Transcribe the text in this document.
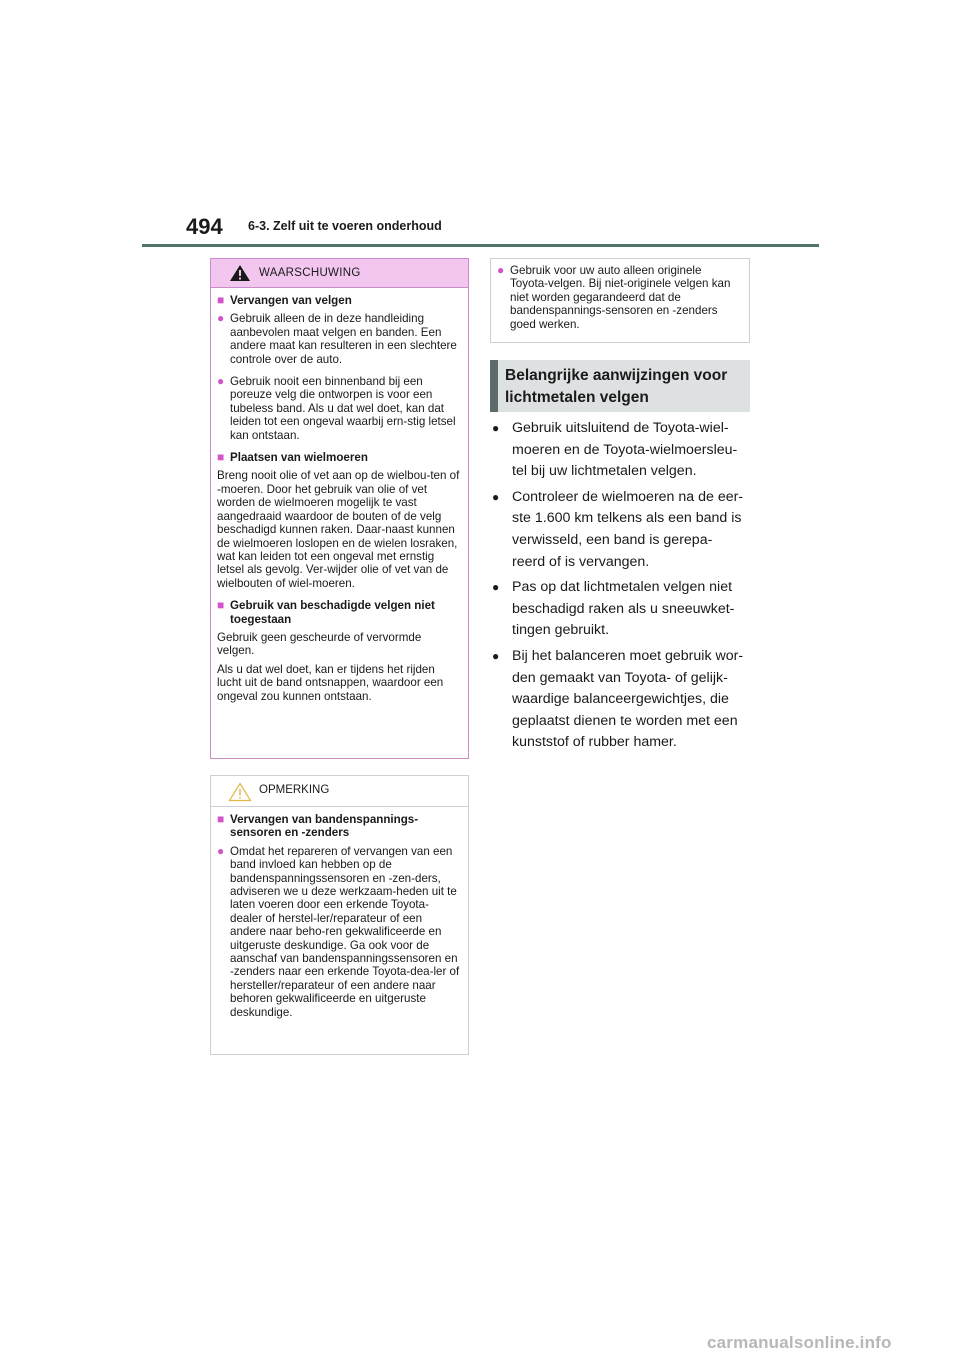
494 6-3. Zelf uit te voeren onderhoud
WAARSCHUWING
■ Vervangen van velgen
● Gebruik alleen de in deze handleiding aanbevolen maat velgen en banden. Een andere maat kan resulteren in een slechtere controle over de auto.
● Gebruik nooit een binnenband bij een poreuze velg die ontworpen is voor een tubeless band. Als u dat wel doet, kan dat leiden tot een ongeval waarbij ern-stig letsel kan ontstaan.
■ Plaatsen van wielmoeren
Breng nooit olie of vet aan op de wielbou-ten of -moeren. Door het gebruik van olie of vet worden de wielmoeren mogelijk te vast aangedraaid waardoor de bouten of de velg beschadigd kunnen raken. Daar-naast kunnen de wielmoeren loslopen en de wielen losraken, wat kan leiden tot een ongeval met ernstig letsel als gevolg. Ver-wijder olie of vet van de wielbouten of wiel-moeren.
■ Gebruik van beschadigde velgen niet toegestaan
Gebruik geen gescheurde of vervormde velgen.
Als u dat wel doet, kan er tijdens het rijden lucht uit de band ontsnappen, waardoor een ongeval zou kunnen ontstaan.
OPMERKING
■ Vervangen van bandenspannings-sensoren en -zenders
● Omdat het repareren of vervangen van een band invloed kan hebben op de bandenspanningssensoren en -zen-ders, adviseren we u deze werkzaam-heden uit te laten voeren door een erkende Toyota-dealer of herstel-ler/reparateur of een andere naar beho-ren gekwalificeerde en uitgeruste deskundige. Ga ook voor de aanschaf van bandenspanningssensoren en -zenders naar een erkende Toyota-dea-ler of hersteller/reparateur of een andere naar behoren gekwalificeerde en uitgeruste deskundige.
● Gebruik voor uw auto alleen originele Toyota-velgen. Bij niet-originele velgen kan niet worden gegarandeerd dat de bandenspannings-sensoren en -zenders goed werken.
Belangrijke aanwijzingen voor
lichtmetalen velgen
● Gebruik uitsluitend de Toyota-wiel-
moeren en de Toyota-wielmoersleu-
tel bij uw lichtmetalen velgen.
● Controleer de wielmoeren na de eer-
ste 1.600 km telkens als een band is
verwisseld, een band is gerepa-
reerd of is vervangen.
● Pas op dat lichtmetalen velgen niet
beschadigd raken als u sneeuwket-
tingen gebruikt.
● Bij het balanceren moet gebruik wor-
den gemaakt van Toyota- of gelijk-
waardige balanceergewichtjes, die
geplaatst dienen te worden met een
kunststof of rubber hamer.
carmanualsonline.info
